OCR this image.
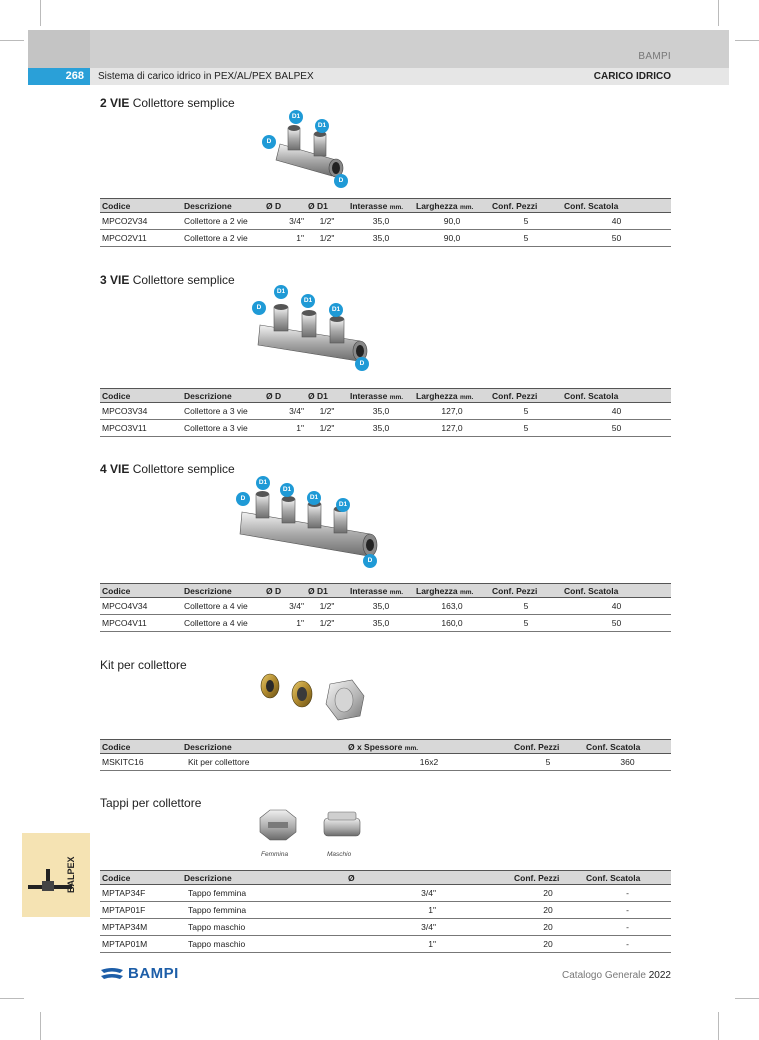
BAMPI
268	Sistema di carico idrico in PEX/AL/PEX BALPEX	CARICO IDRICO
2 VIE Collettore semplice
D1
D1
D
D
Codice	Descrizione	Ø D	Ø D1	Interasse mm.	Larghezza mm.	Conf. Pezzi	Conf. Scatola
MPCO2V34	Collettore a 2 vie	3/4"	1/2"	35,0	90,0	5	40
MPCO2V11	Collettore a 2 vie	1"	1/2"	35,0	90,0	5	50
3 VIE Collettore semplice
D1
D1
D1
D
D
Codice	Descrizione	Ø D	Ø D1	Interasse mm.	Larghezza mm.	Conf. Pezzi	Conf. Scatola
MPCO3V34	Collettore a 3 vie	3/4"	1/2"	35,0	127,0	5	40
MPCO3V11	Collettore a 3 vie	1"	1/2"	35,0	127,0	5	50
4 VIE Collettore semplice
D1
D1
D1
D1
D
D
Codice	Descrizione	Ø D	Ø D1	Interasse mm.	Larghezza mm.	Conf. Pezzi	Conf. Scatola
MPCO4V34	Collettore a 4 vie	3/4"	1/2"	35,0	163,0	5	40
MPCO4V11	Collettore a 4 vie	1"	1/2"	35,0	160,0	5	50
Kit per collettore
Codice	Descrizione	Ø x Spessore mm.	Conf. Pezzi	Conf. Scatola
MSKITC16	Kit per collettore	16x2	5	360
Tappi per collettore
Femmina	Maschio
Codice	Descrizione	Ø	Conf. Pezzi	Conf. Scatola
MPTAP34F	Tappo femmina	3/4"	20	-
MPTAP01F	Tappo femmina	1"	20	-
MPTAP34M	Tappo maschio	3/4"	20	-
MPTAP01M	Tappo maschio	1"	20	-
BALPEX
BAMPI	Catalogo Generale 2022
